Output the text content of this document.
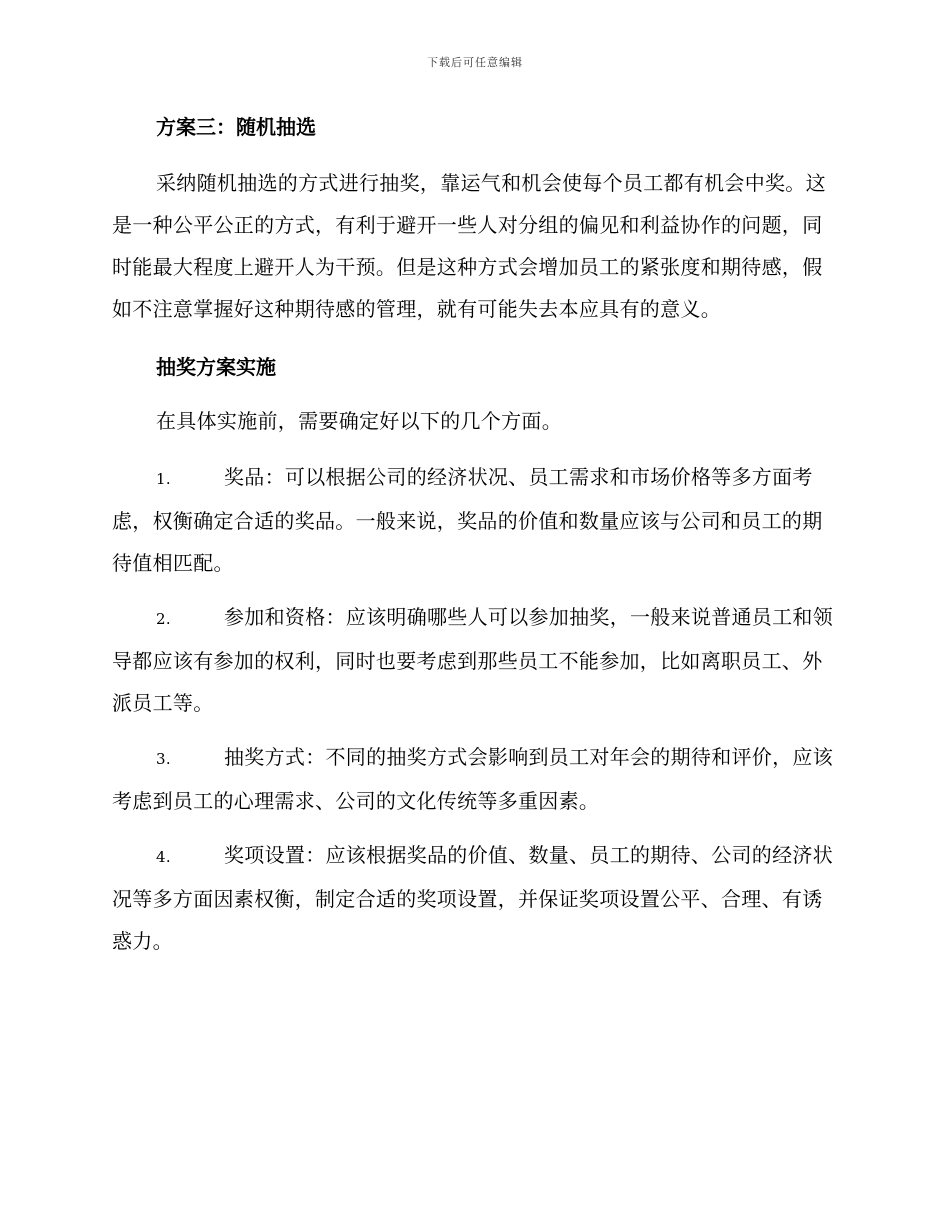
下载后可任意编辑
方案三：随机抽选

采纳随机抽选的方式进行抽奖，靠运气和机会使每个员工都有机会中奖。这是一种公平公正的方式，有利于避开一些人对分组的偏见和利益协作的问题，同时能最大程度上避开人为干预。但是这种方式会增加员工的紧张度和期待感，假如不注意掌握好这种期待感的管理，就有可能失去本应具有的意义。

抽奖方案实施

在具体实施前，需要确定好以下的几个方面。

1.	奖品：可以根据公司的经济状况、员工需求和市场价格等多方面考虑，权衡确定合适的奖品。一般来说，奖品的价值和数量应该与公司和员工的期待值相匹配。

2.	参加和资格：应该明确哪些人可以参加抽奖，一般来说普通员工和领导都应该有参加的权利，同时也要考虑到那些员工不能参加，比如离职员工、外派员工等。

3.	抽奖方式：不同的抽奖方式会影响到员工对年会的期待和评价，应该考虑到员工的心理需求、公司的文化传统等多重因素。

4.	奖项设置：应该根据奖品的价值、数量、员工的期待、公司的经济状况等多方面因素权衡，制定合适的奖项设置，并保证奖项设置公平、合理、有诱惑力。
